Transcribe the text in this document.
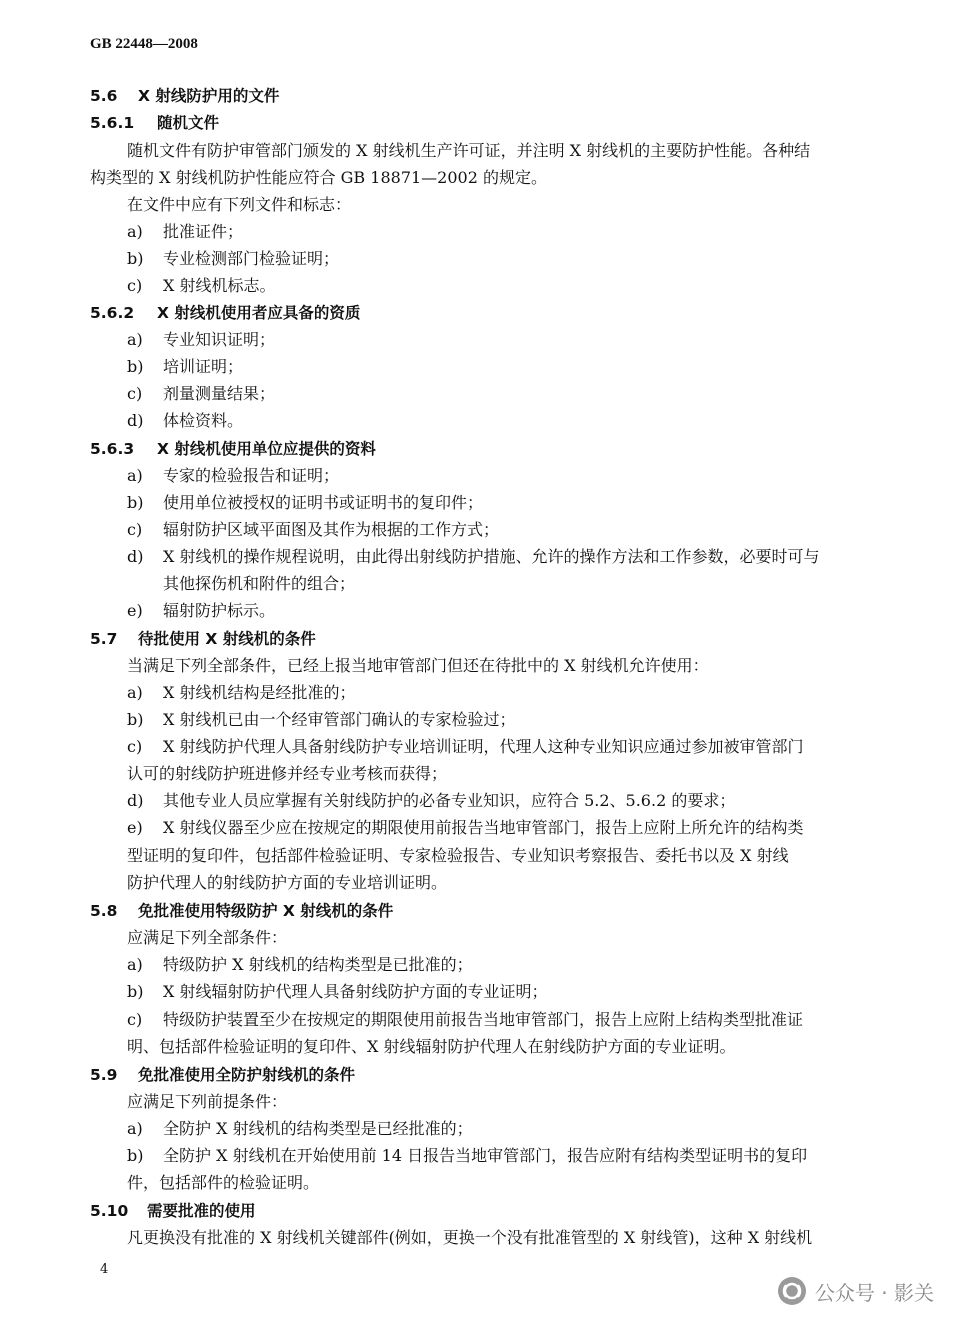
GB 22448—2008
5.6 X 射线防护用的文件
5.6.1 随机文件
随机文件有防护审管部门颁发的 X 射线机生产许可证，并注明 X 射线机的主要防护性能。各种结
构类型的 X 射线机防护性能应符合 GB 18871—2002 的规定。
在文件中应有下列文件和标志：
a) 批准证件；
b) 专业检测部门检验证明；
c) X 射线机标志。
5.6.2 X 射线机使用者应具备的资质
a) 专业知识证明；
b) 培训证明；
c) 剂量测量结果；
d) 体检资料。
5.6.3 X 射线机使用单位应提供的资料
a) 专家的检验报告和证明；
b) 使用单位被授权的证明书或证明书的复印件；
c) 辐射防护区域平面图及其作为根据的工作方式；
d) X 射线机的操作规程说明，由此得出射线防护措施、允许的操作方法和工作参数，必要时可与
其他探伤机和附件的组合；
e) 辐射防护标示。
5.7 待批使用 X 射线机的条件
当满足下列全部条件，已经上报当地审管部门但还在待批中的 X 射线机允许使用：
a) X 射线机结构是经批准的；
b) X 射线机已由一个经审管部门确认的专家检验过；
c) X 射线防护代理人具备射线防护专业培训证明，代理人这种专业知识应通过参加被审管部门
认可的射线防护班进修并经专业考核而获得；
d) 其他专业人员应掌握有关射线防护的必备专业知识，应符合 5.2、5.6.2 的要求；
e) X 射线仪器至少应在按规定的期限使用前报告当地审管部门，报告上应附上所允许的结构类
型证明的复印件，包括部件检验证明、专家检验报告、专业知识考察报告、委托书以及 X 射线
防护代理人的射线防护方面的专业培训证明。
5.8 免批准使用特级防护 X 射线机的条件
应满足下列全部条件：
a) 特级防护 X 射线机的结构类型是已批准的；
b) X 射线辐射防护代理人具备射线防护方面的专业证明；
c) 特级防护装置至少在按规定的期限使用前报告当地审管部门，报告上应附上结构类型批准证
明、包括部件检验证明的复印件、X 射线辐射防护代理人在射线防护方面的专业证明。
5.9 免批准使用全防护射线机的条件
应满足下列前提条件：
a) 全防护 X 射线机的结构类型是已经批准的；
b) 全防护 X 射线机在开始使用前 14 日报告当地审管部门，报告应附有结构类型证明书的复印
件，包括部件的检验证明。
5.10 需要批准的使用
凡更换没有批准的 X 射线机关键部件(例如，更换一个没有批准管型的 X 射线管)，这种 X 射线机
4
公众号 · 影关
